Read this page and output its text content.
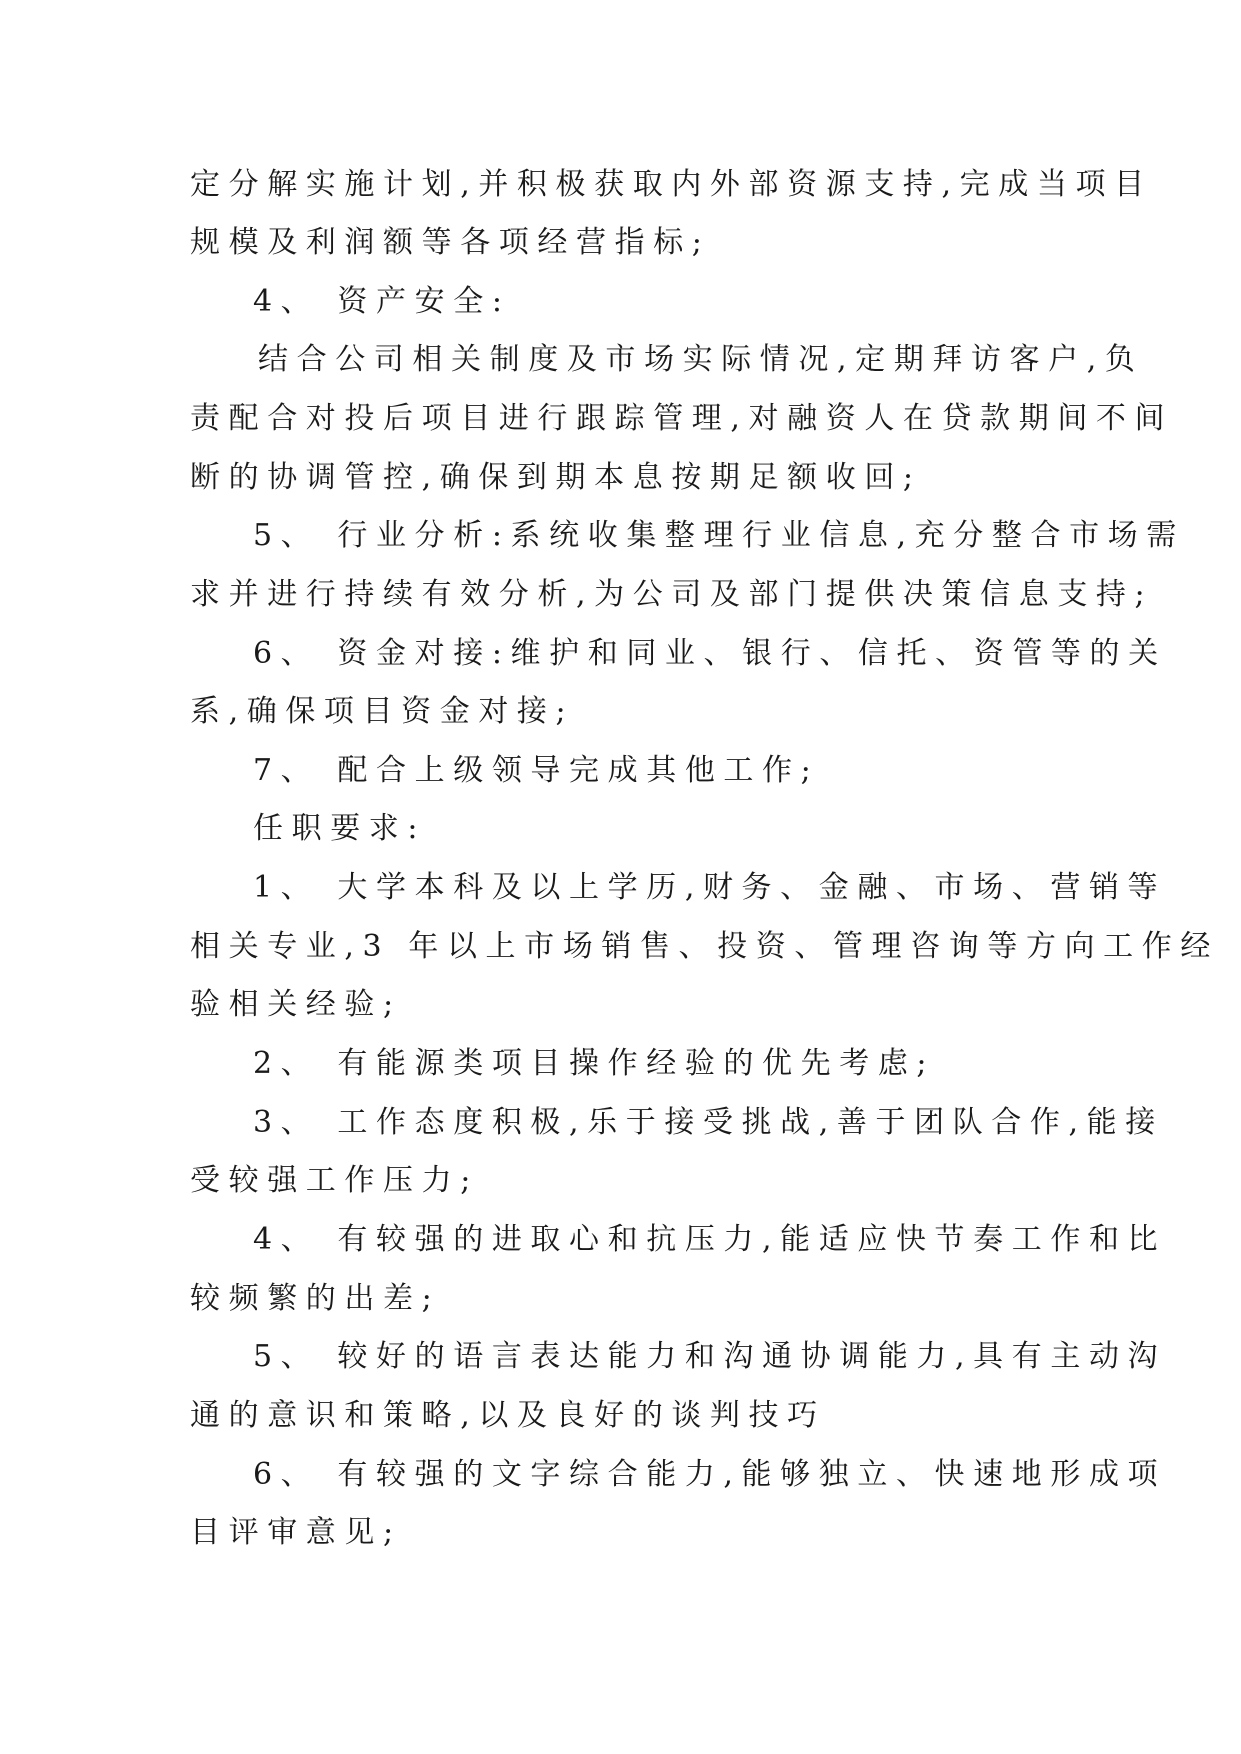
定分解实施计划,并积极获取内外部资源支持,完成当项目
规模及利润额等各项经营指标;
4、 资产安全:
结合公司相关制度及市场实际情况,定期拜访客户,负
责配合对投后项目进行跟踪管理,对融资人在贷款期间不间
断的协调管控,确保到期本息按期足额收回;
5、 行业分析:系统收集整理行业信息,充分整合市场需
求并进行持续有效分析,为公司及部门提供决策信息支持;
6、 资金对接:维护和同业、银行、信托、资管等的关
系,确保项目资金对接;
7、 配合上级领导完成其他工作;
任职要求:
1、 大学本科及以上学历,财务、金融、市场、营销等
相关专业,3 年以上市场销售、投资、管理咨询等方向工作经
验相关经验;
2、 有能源类项目操作经验的优先考虑;
3、 工作态度积极,乐于接受挑战,善于团队合作,能接
受较强工作压力;
4、 有较强的进取心和抗压力,能适应快节奏工作和比
较频繁的出差;
5、 较好的语言表达能力和沟通协调能力,具有主动沟
通的意识和策略,以及良好的谈判技巧
6、 有较强的文字综合能力,能够独立、快速地形成项
目评审意见;
